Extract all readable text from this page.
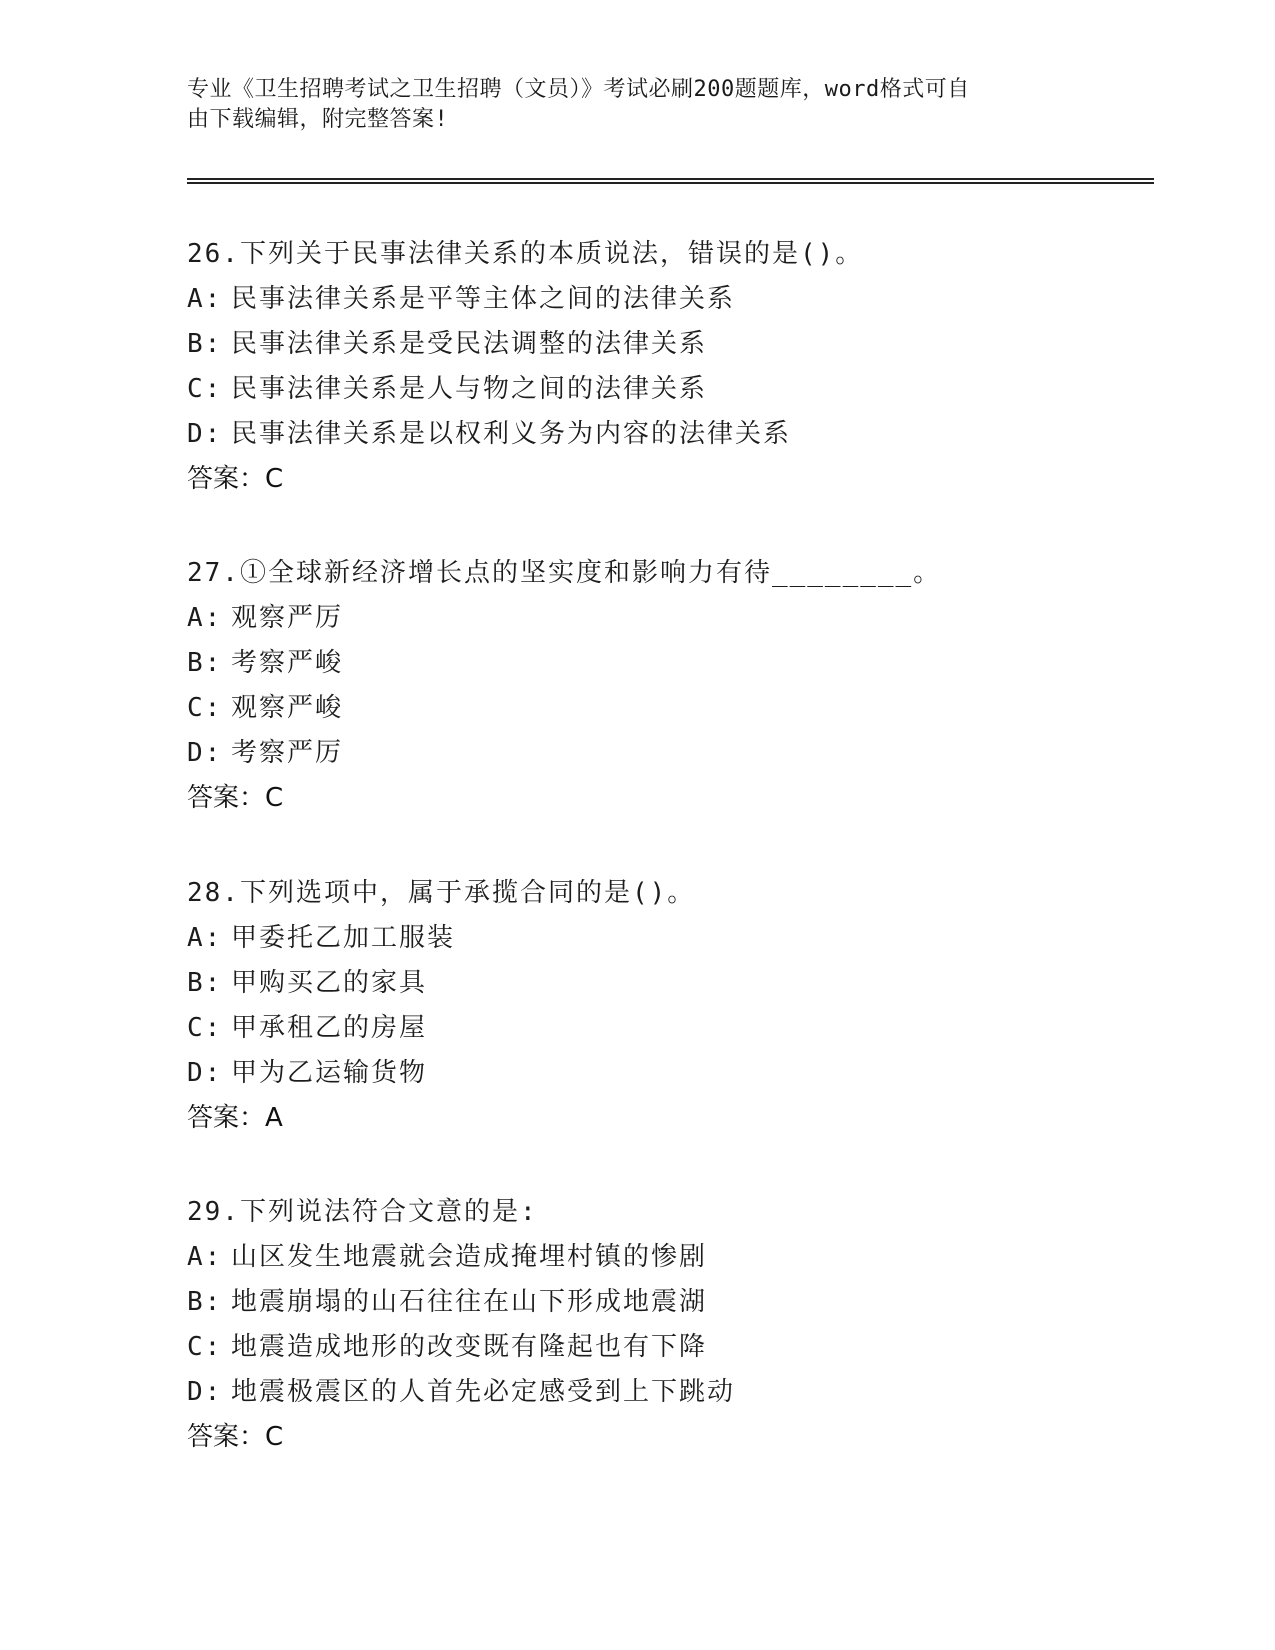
专业《卫生招聘考试之卫生招聘（文员）》考试必刷200题题库，word格式可自
由下载编辑，附完整答案!
26.下列关于民事法律关系的本质说法，错误的是()。
A: 民事法律关系是平等主体之间的法律关系
B: 民事法律关系是受民法调整的法律关系
C: 民事法律关系是人与物之间的法律关系
D: 民事法律关系是以权利义务为内容的法律关系
答案：C
27.①全球新经济增长点的坚实度和影响力有待________。
A: 观察严厉
B: 考察严峻
C: 观察严峻
D: 考察严厉
答案：C
28.下列选项中，属于承揽合同的是()。
A: 甲委托乙加工服装
B: 甲购买乙的家具
C: 甲承租乙的房屋
D: 甲为乙运输货物
答案：A
29.下列说法符合文意的是:
A: 山区发生地震就会造成掩埋村镇的惨剧
B: 地震崩塌的山石往往在山下形成地震湖
C: 地震造成地形的改变既有隆起也有下降
D: 地震极震区的人首先必定感受到上下跳动
答案：C
